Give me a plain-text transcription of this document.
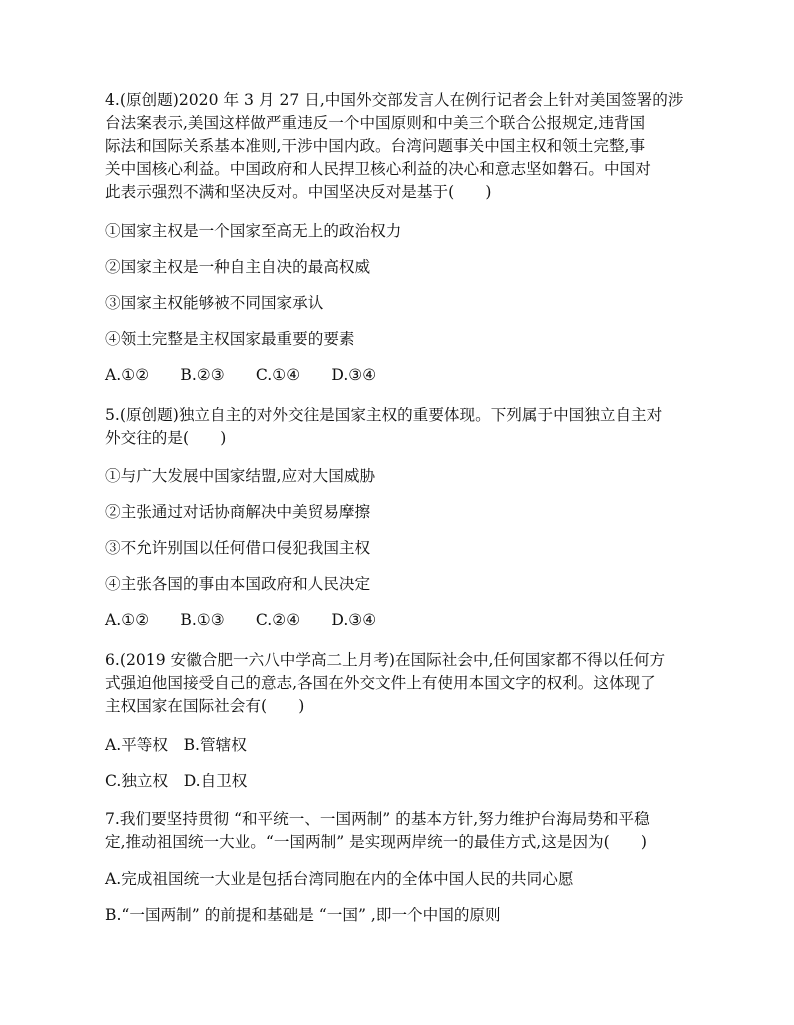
4.(原创题)2020 年 3 月 27 日,中国外交部发言人在例行记者会上针对美国签署的涉
台法案表示,美国这样做严重违反一个中国原则和中美三个联合公报规定,违背国
际法和国际关系基本准则,干涉中国内政。台湾问题事关中国主权和领土完整,事
关中国核心利益。中国政府和人民捍卫核心利益的决心和意志坚如磐石。中国对
此表示强烈不满和坚决反对。中国坚决反对是基于(　　)
①国家主权是一个国家至高无上的政治权力
②国家主权是一种自主自决的最高权威
③国家主权能够被不同国家承认
④领土完整是主权国家最重要的要素
A.①②　　B.②③　　C.①④　　D.③④
5.(原创题)独立自主的对外交往是国家主权的重要体现。下列属于中国独立自主对
外交往的是(　　)
①与广大发展中国家结盟,应对大国威胁
②主张通过对话协商解决中美贸易摩擦
③不允许别国以任何借口侵犯我国主权
④主张各国的事由本国政府和人民决定
A.①②　　B.①③　　C.②④　　D.③④
6.(2019 安徽合肥一六八中学高二上月考)在国际社会中,任何国家都不得以任何方
式强迫他国接受自己的意志,各国在外交文件上有使用本国文字的权利。这体现了
主权国家在国际社会有(　　)
A.平等权　B.管辖权
C.独立权　D.自卫权
7.我们要坚持贯彻 “和平统一、一国两制” 的基本方针,努力维护台海局势和平稳
定,推动祖国统一大业。“一国两制” 是实现两岸统一的最佳方式,这是因为(　　)
A.完成祖国统一大业是包括台湾同胞在内的全体中国人民的共同心愿
B.“一国两制” 的前提和基础是 “一国” ,即一个中国的原则
